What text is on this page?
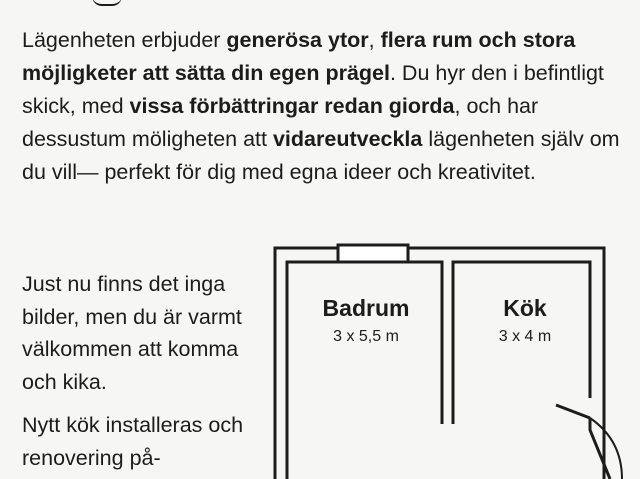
Lägenheten erbjuder generösa ytor, flera rum och stora möjligketer att sätta din egen prägel. Du hyr den i befintligt skick, med vissa förbättringar redan giorda, och har dessustum möligheten att vidareutveckla lägenheten själv om du vill— perfekt för dig med egna ideer och kreativitet.

Just nu finns det inga bilder, men du är varmt välkommen att komma och kika.

Nytt kök installeras och renovering på-

Badrum
3 x 5,5 m
Kök
3 x 4 m
